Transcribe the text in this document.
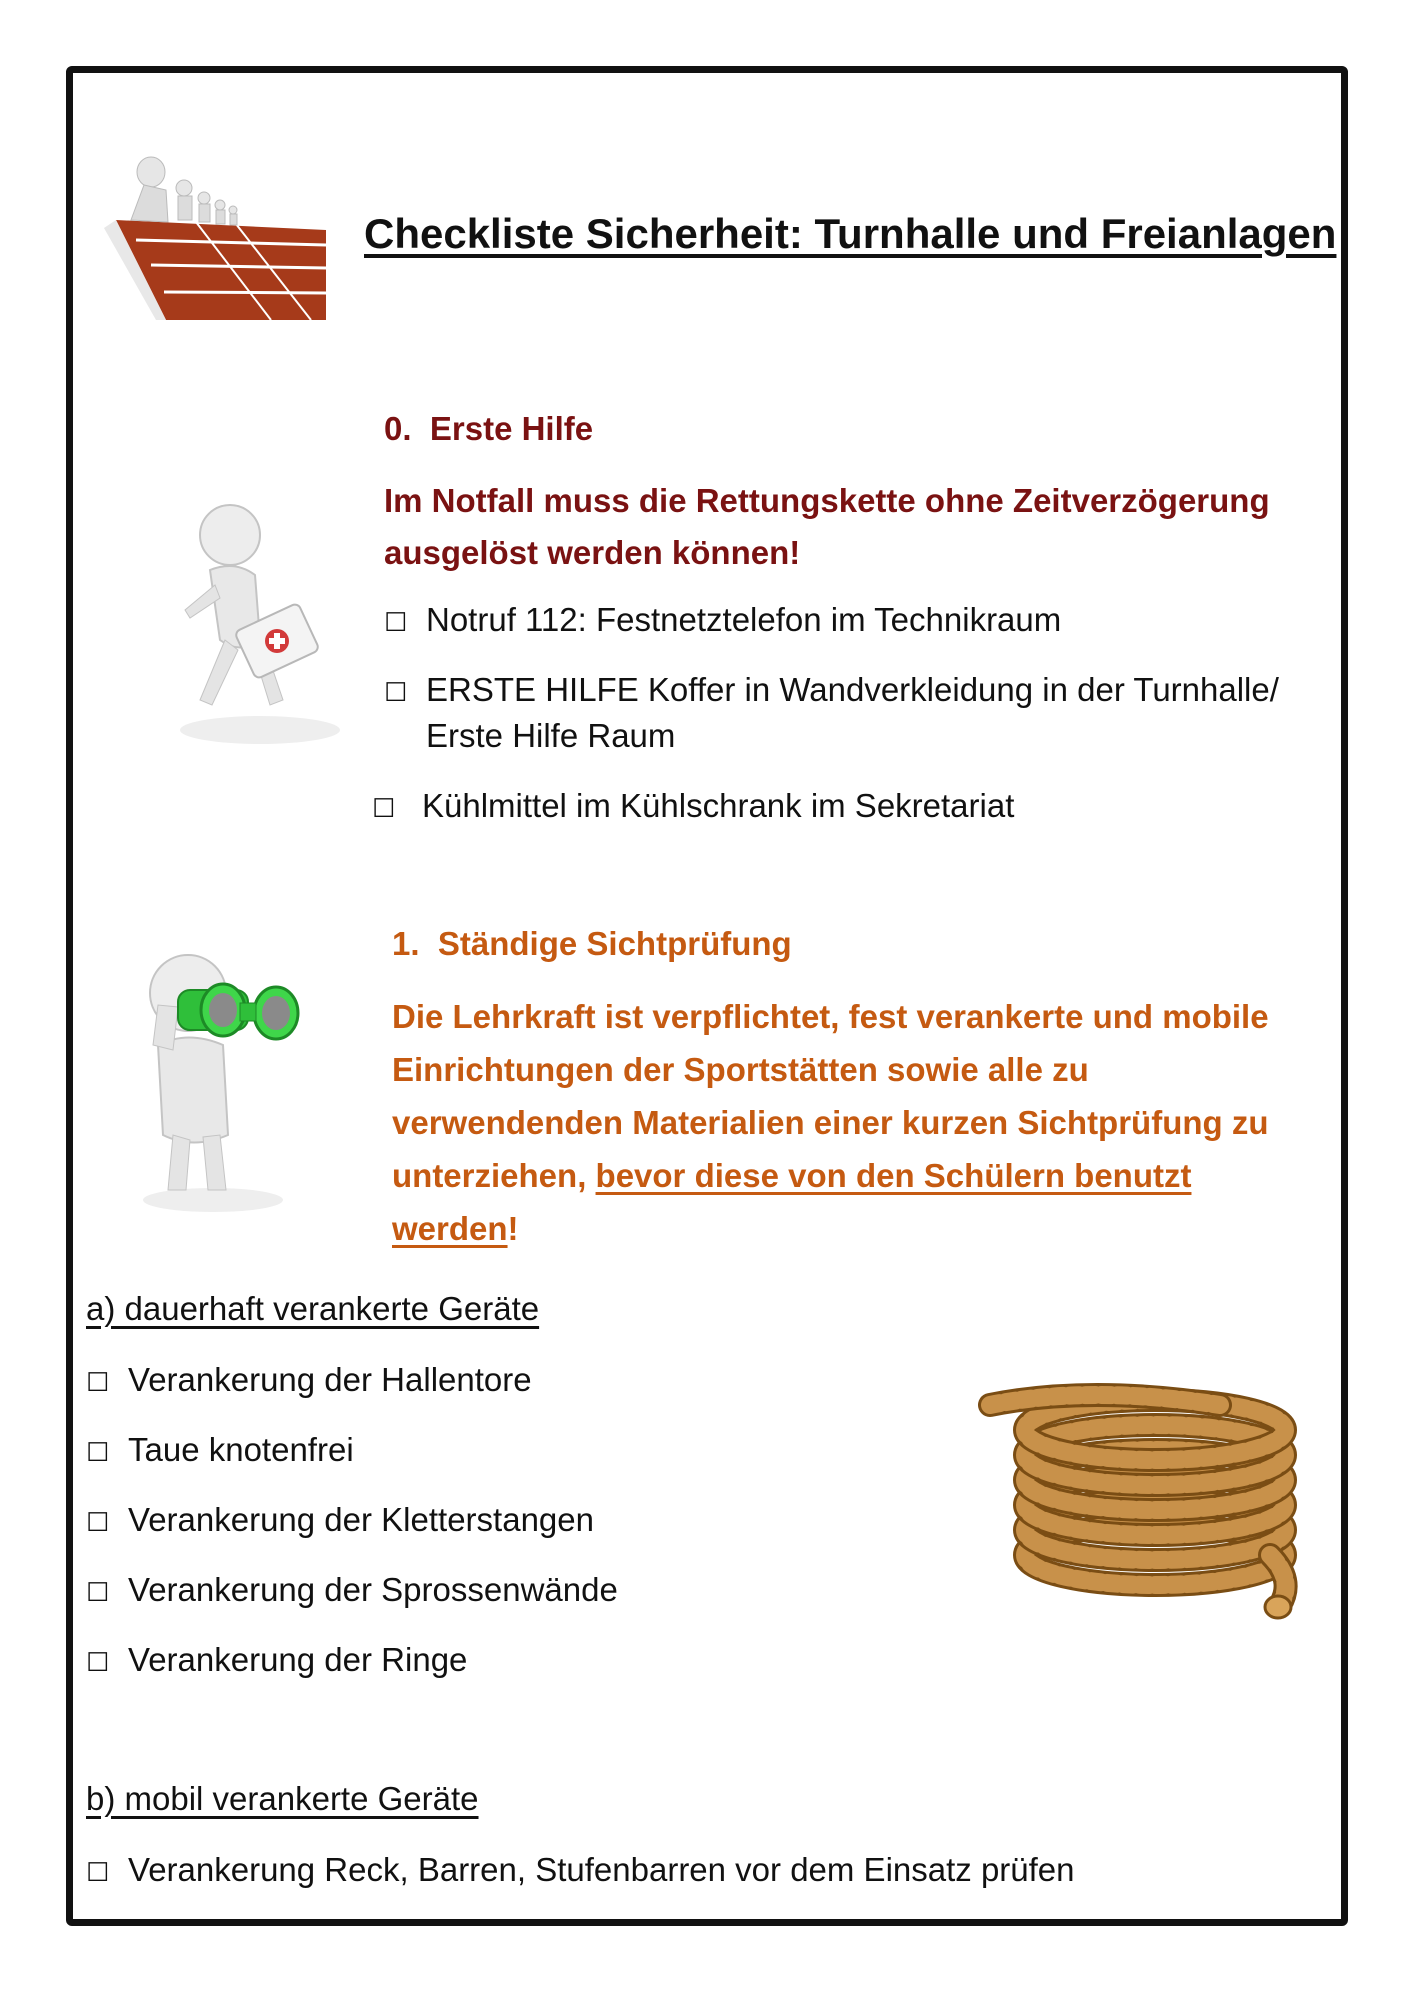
Checkliste Sicherheit: Turnhalle und Freianlagen
0. Erste Hilfe
Im Notfall muss die Rettungskette ohne Zeitverzögerung
ausgelöst werden können!
☐ Notruf 112: Festnetztelefon im Technikraum
☐ ERSTE HILFE Koffer in Wandverkleidung in der Turnhalle/
Erste Hilfe Raum
☐ Kühlmittel im Kühlschrank im Sekretariat
1. Ständige Sichtprüfung
Die Lehrkraft ist verpflichtet, fest verankerte und mobile
Einrichtungen der Sportstätten sowie alle zu
verwendenden Materialien einer kurzen Sichtprüfung zu
unterziehen, bevor diese von den Schülern benutzt
werden!
a) dauerhaft verankerte Geräte
☐ Verankerung der Hallentore
☐ Taue knotenfrei
☐ Verankerung der Kletterstangen
☐ Verankerung der Sprossenwände
☐ Verankerung der Ringe
b) mobil verankerte Geräte
☐ Verankerung Reck, Barren, Stufenbarren vor dem Einsatz prüfen
